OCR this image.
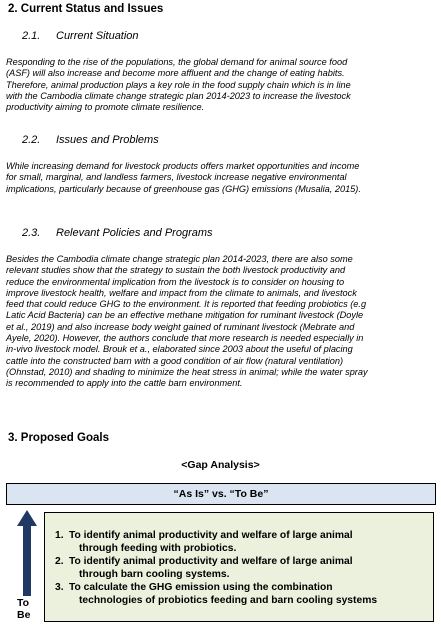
2. Current Status and Issues
2.1. Current Situation
Responding to the rise of the populations, the global demand for animal source food
(ASF) will also increase and become more affluent and the change of eating habits.
Therefore, animal production plays a key role in the food supply chain which is in line
with the Cambodia climate change strategic plan 2014-2023 to increase the livestock
productivity aiming to promote climate resilience.
2.2. Issues and Problems
While increasing demand for livestock products offers market opportunities and income
for small, marginal, and landless farmers, livestock increase negative environmental
implications, particularly because of greenhouse gas (GHG) emissions (Musalia, 2015).
2.3. Relevant Policies and Programs
Besides the Cambodia climate change strategic plan 2014-2023, there are also some
relevant studies show that the strategy to sustain the both livestock productivity and
reduce the environmental implication from the livestock is to consider on housing to
improve livestock health, welfare and impact from the climate to animals, and livestock
feed that could reduce GHG to the environment. It is reported that feeding probiotics (e.g
Latic Acid Bacteria) can be an effective methane mitigation for ruminant livestock (Doyle
et al., 2019) and also increase body weight gained of ruminant livestock (Mebrate and
Ayele, 2020). However, the authors conclude that more research is needed especially in
in-vivo livestock model. Brouk et a., elaborated since 2003 about the useful of placing
cattle into the constructed barn with a good condition of air flow (natural ventilation)
(Ohnstad, 2010) and shading to minimize the heat stress in animal; while the water spray
is recommended to apply into the cattle barn environment.
3. Proposed Goals
<Gap Analysis>
“As Is” vs. “To Be”
To
Be
1. To identify animal productivity and welfare of large animal
through feeding with probiotics.
2. To identify animal productivity and welfare of large animal
through barn cooling systems.
3. To calculate the GHG emission using the combination
technologies of probiotics feeding and barn cooling systems
